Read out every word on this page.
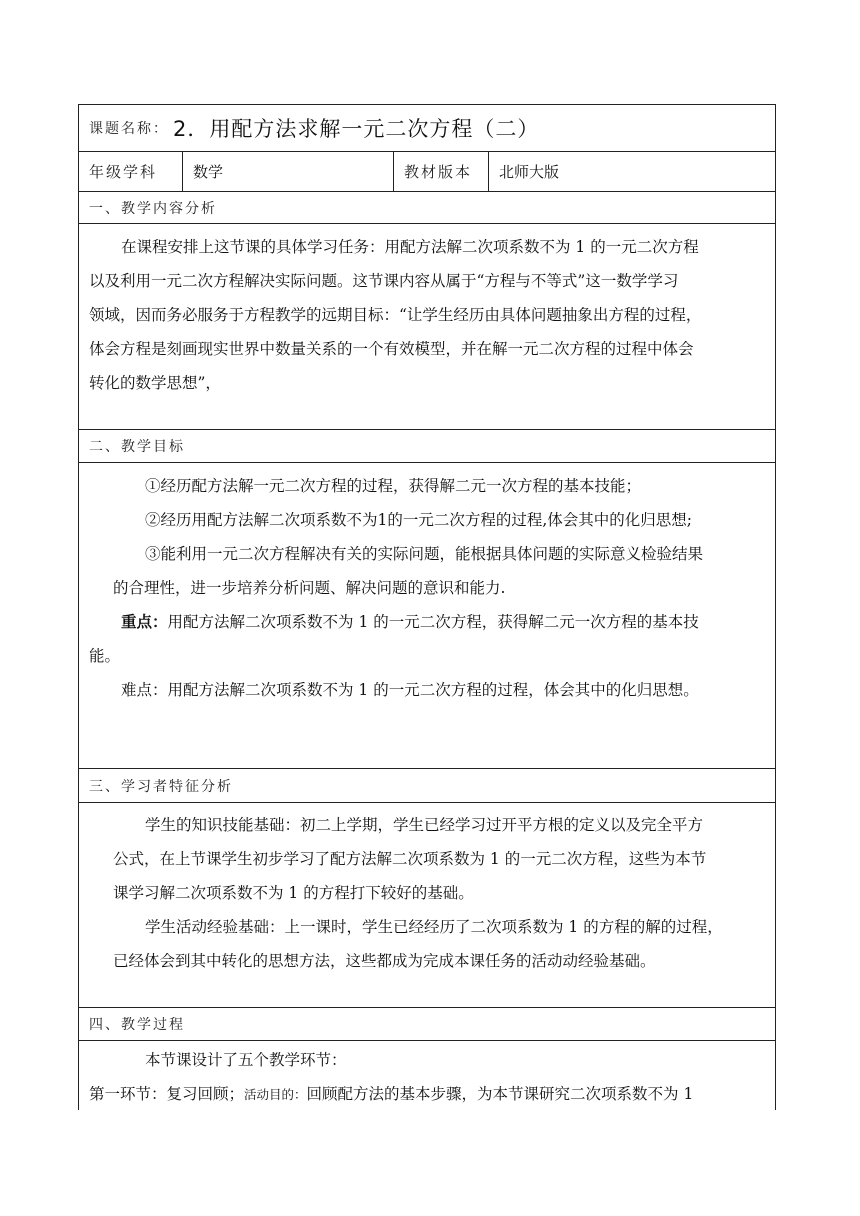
课题名称： 2．用配方法求解一元二次方程（二）
年级学科	数学	教材版本	北师大版
一、教学内容分析
在课程安排上这节课的具体学习任务：用配方法解二次项系数不为 1 的一元二次方程
以及利用一元二次方程解决实际问题。这节课内容从属于“方程与不等式”这一数学学习
领域，因而务必服务于方程教学的远期目标：“让学生经历由具体问题抽象出方程的过程，
体会方程是刻画现实世界中数量关系的一个有效模型，并在解一元二次方程的过程中体会
转化的数学思想”，
二、教学目标
①经历配方法解一元二次方程的过程，获得解二元一次方程的基本技能；
②经历用配方法解二次项系数不为1的一元二次方程的过程,体会其中的化归思想;
③能利用一元二次方程解决有关的实际问题，能根据具体问题的实际意义检验结果
的合理性，进一步培养分析问题、解决问题的意识和能力.
重点：用配方法解二次项系数不为 1 的一元二次方程，获得解二元一次方程的基本技
能。
难点：用配方法解二次项系数不为 1 的一元二次方程的过程，体会其中的化归思想。
三、学习者特征分析
学生的知识技能基础：初二上学期，学生已经学习过开平方根的定义以及完全平方
公式，在上节课学生初步学习了配方法解二次项系数为 1 的一元二次方程，这些为本节
课学习解二次项系数不为 1 的方程打下较好的基础。
学生活动经验基础：上一课时，学生已经经历了二次项系数为 1 的方程的解的过程，
已经体会到其中转化的思想方法，这些都成为完成本课任务的活动动经验基础。
四、教学过程
本节课设计了五个教学环节：
第一环节：复习回顾；活动目的：回顾配方法的基本步骤，为本节课研究二次项系数不为 1
